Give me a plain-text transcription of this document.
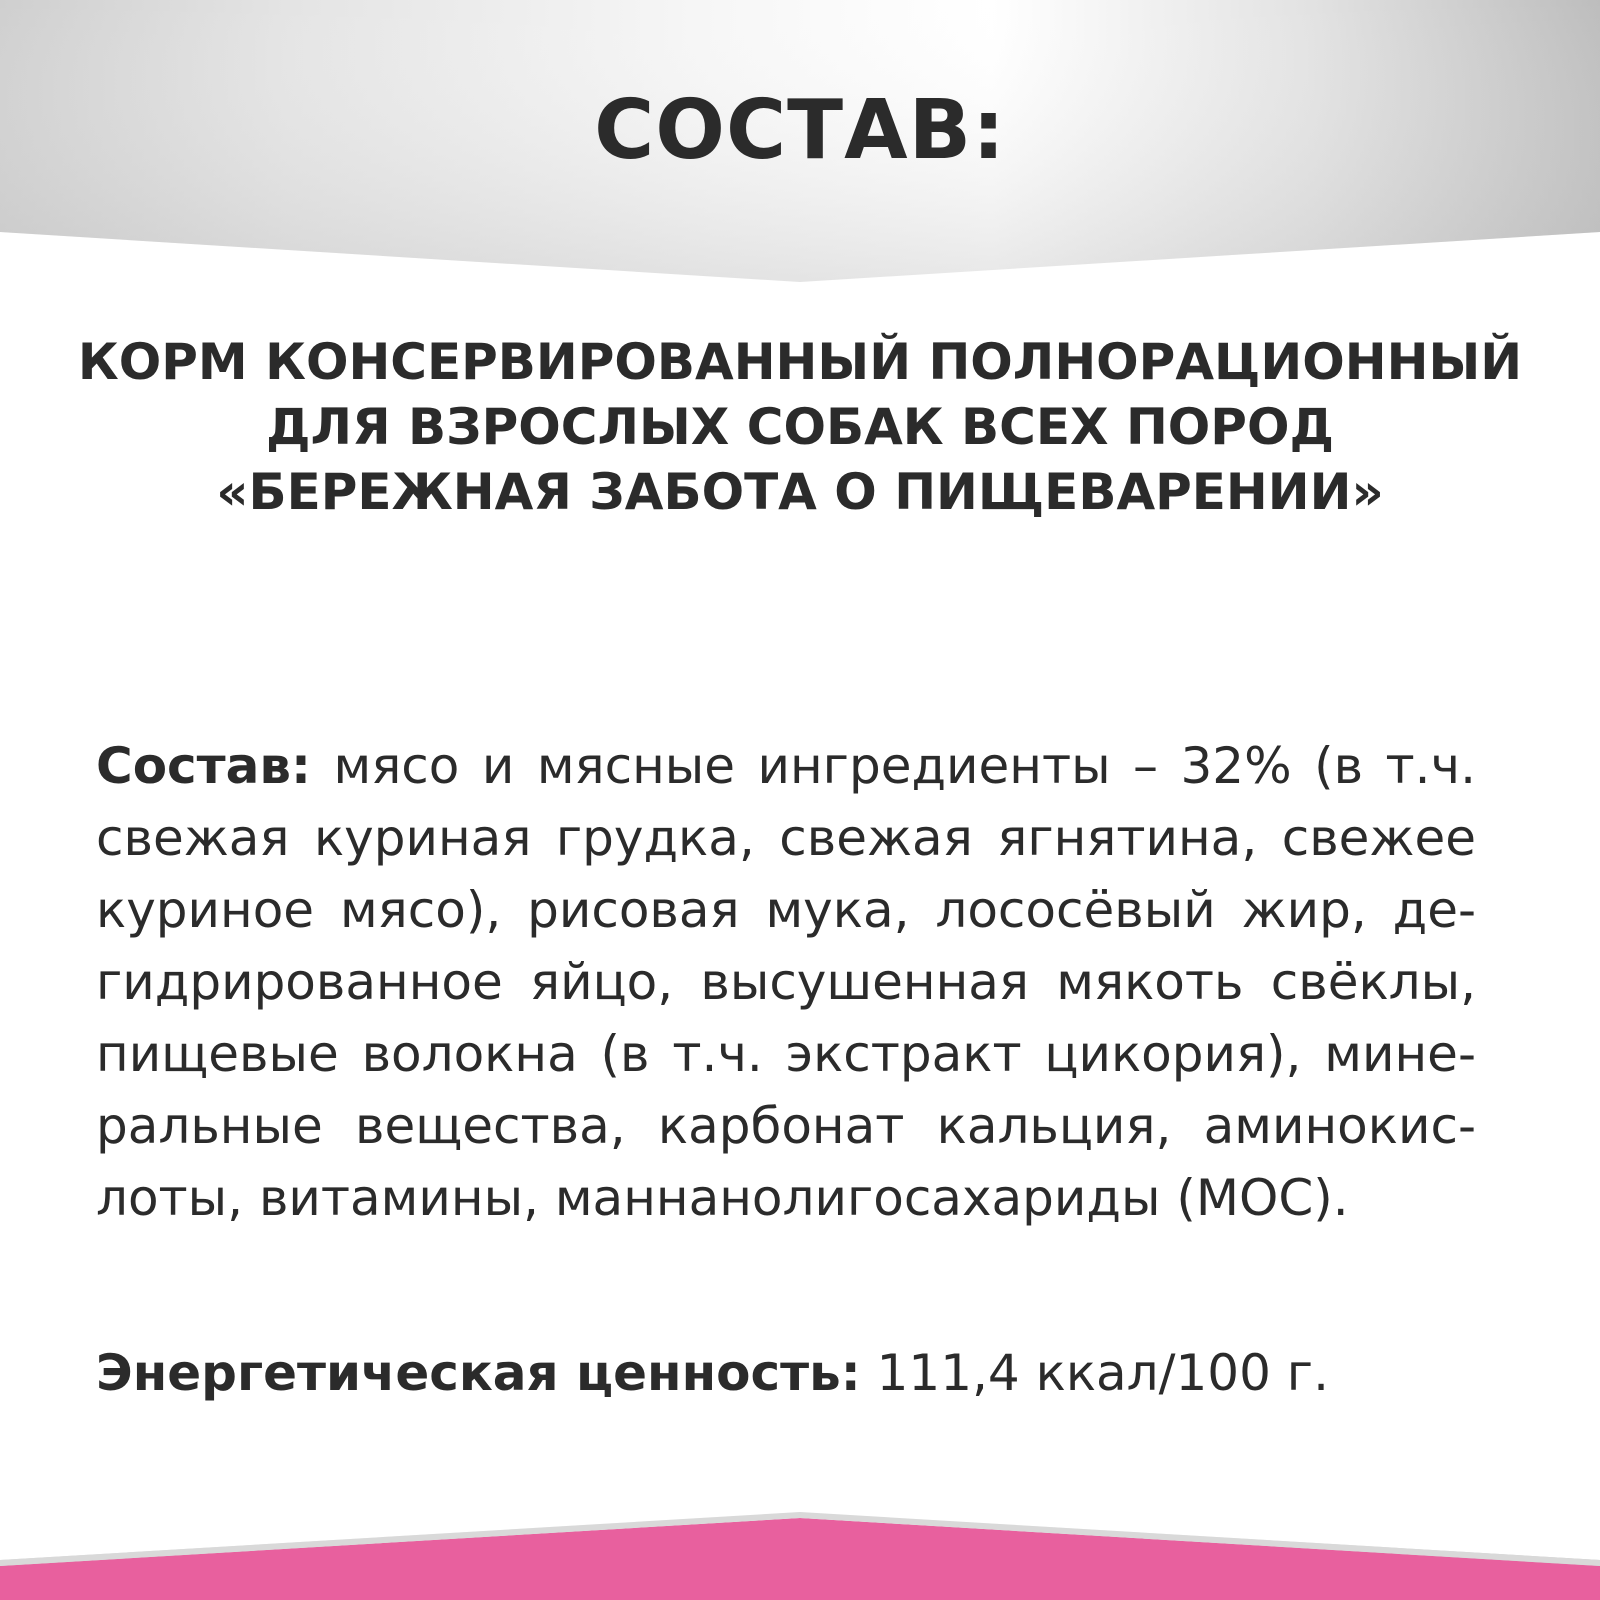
СОСТАВ:
КОРМ КОНСЕРВИРОВАННЫЙ ПОЛНОРАЦИОННЫЙ
ДЛЯ ВЗРОСЛЫХ СОБАК ВСЕХ ПОРОД
«БЕРЕЖНАЯ ЗАБОТА О ПИЩЕВАРЕНИИ»
Состав: мясо и мясные ингредиенты – 32% (в т.ч.
свежая куриная грудка, свежая ягнятина, свежее
куриное мясо), рисовая мука, лососёвый жир, де-
гидрированное яйцо, высушенная мякоть свёклы,
пищевые волокна (в т.ч. экстракт цикория), мине-
ральные вещества, карбонат кальция, аминокис-
лоты, витамины, маннанолигосахариды (МОС).
Энергетическая ценность: 111,4 ккал/100 г.
